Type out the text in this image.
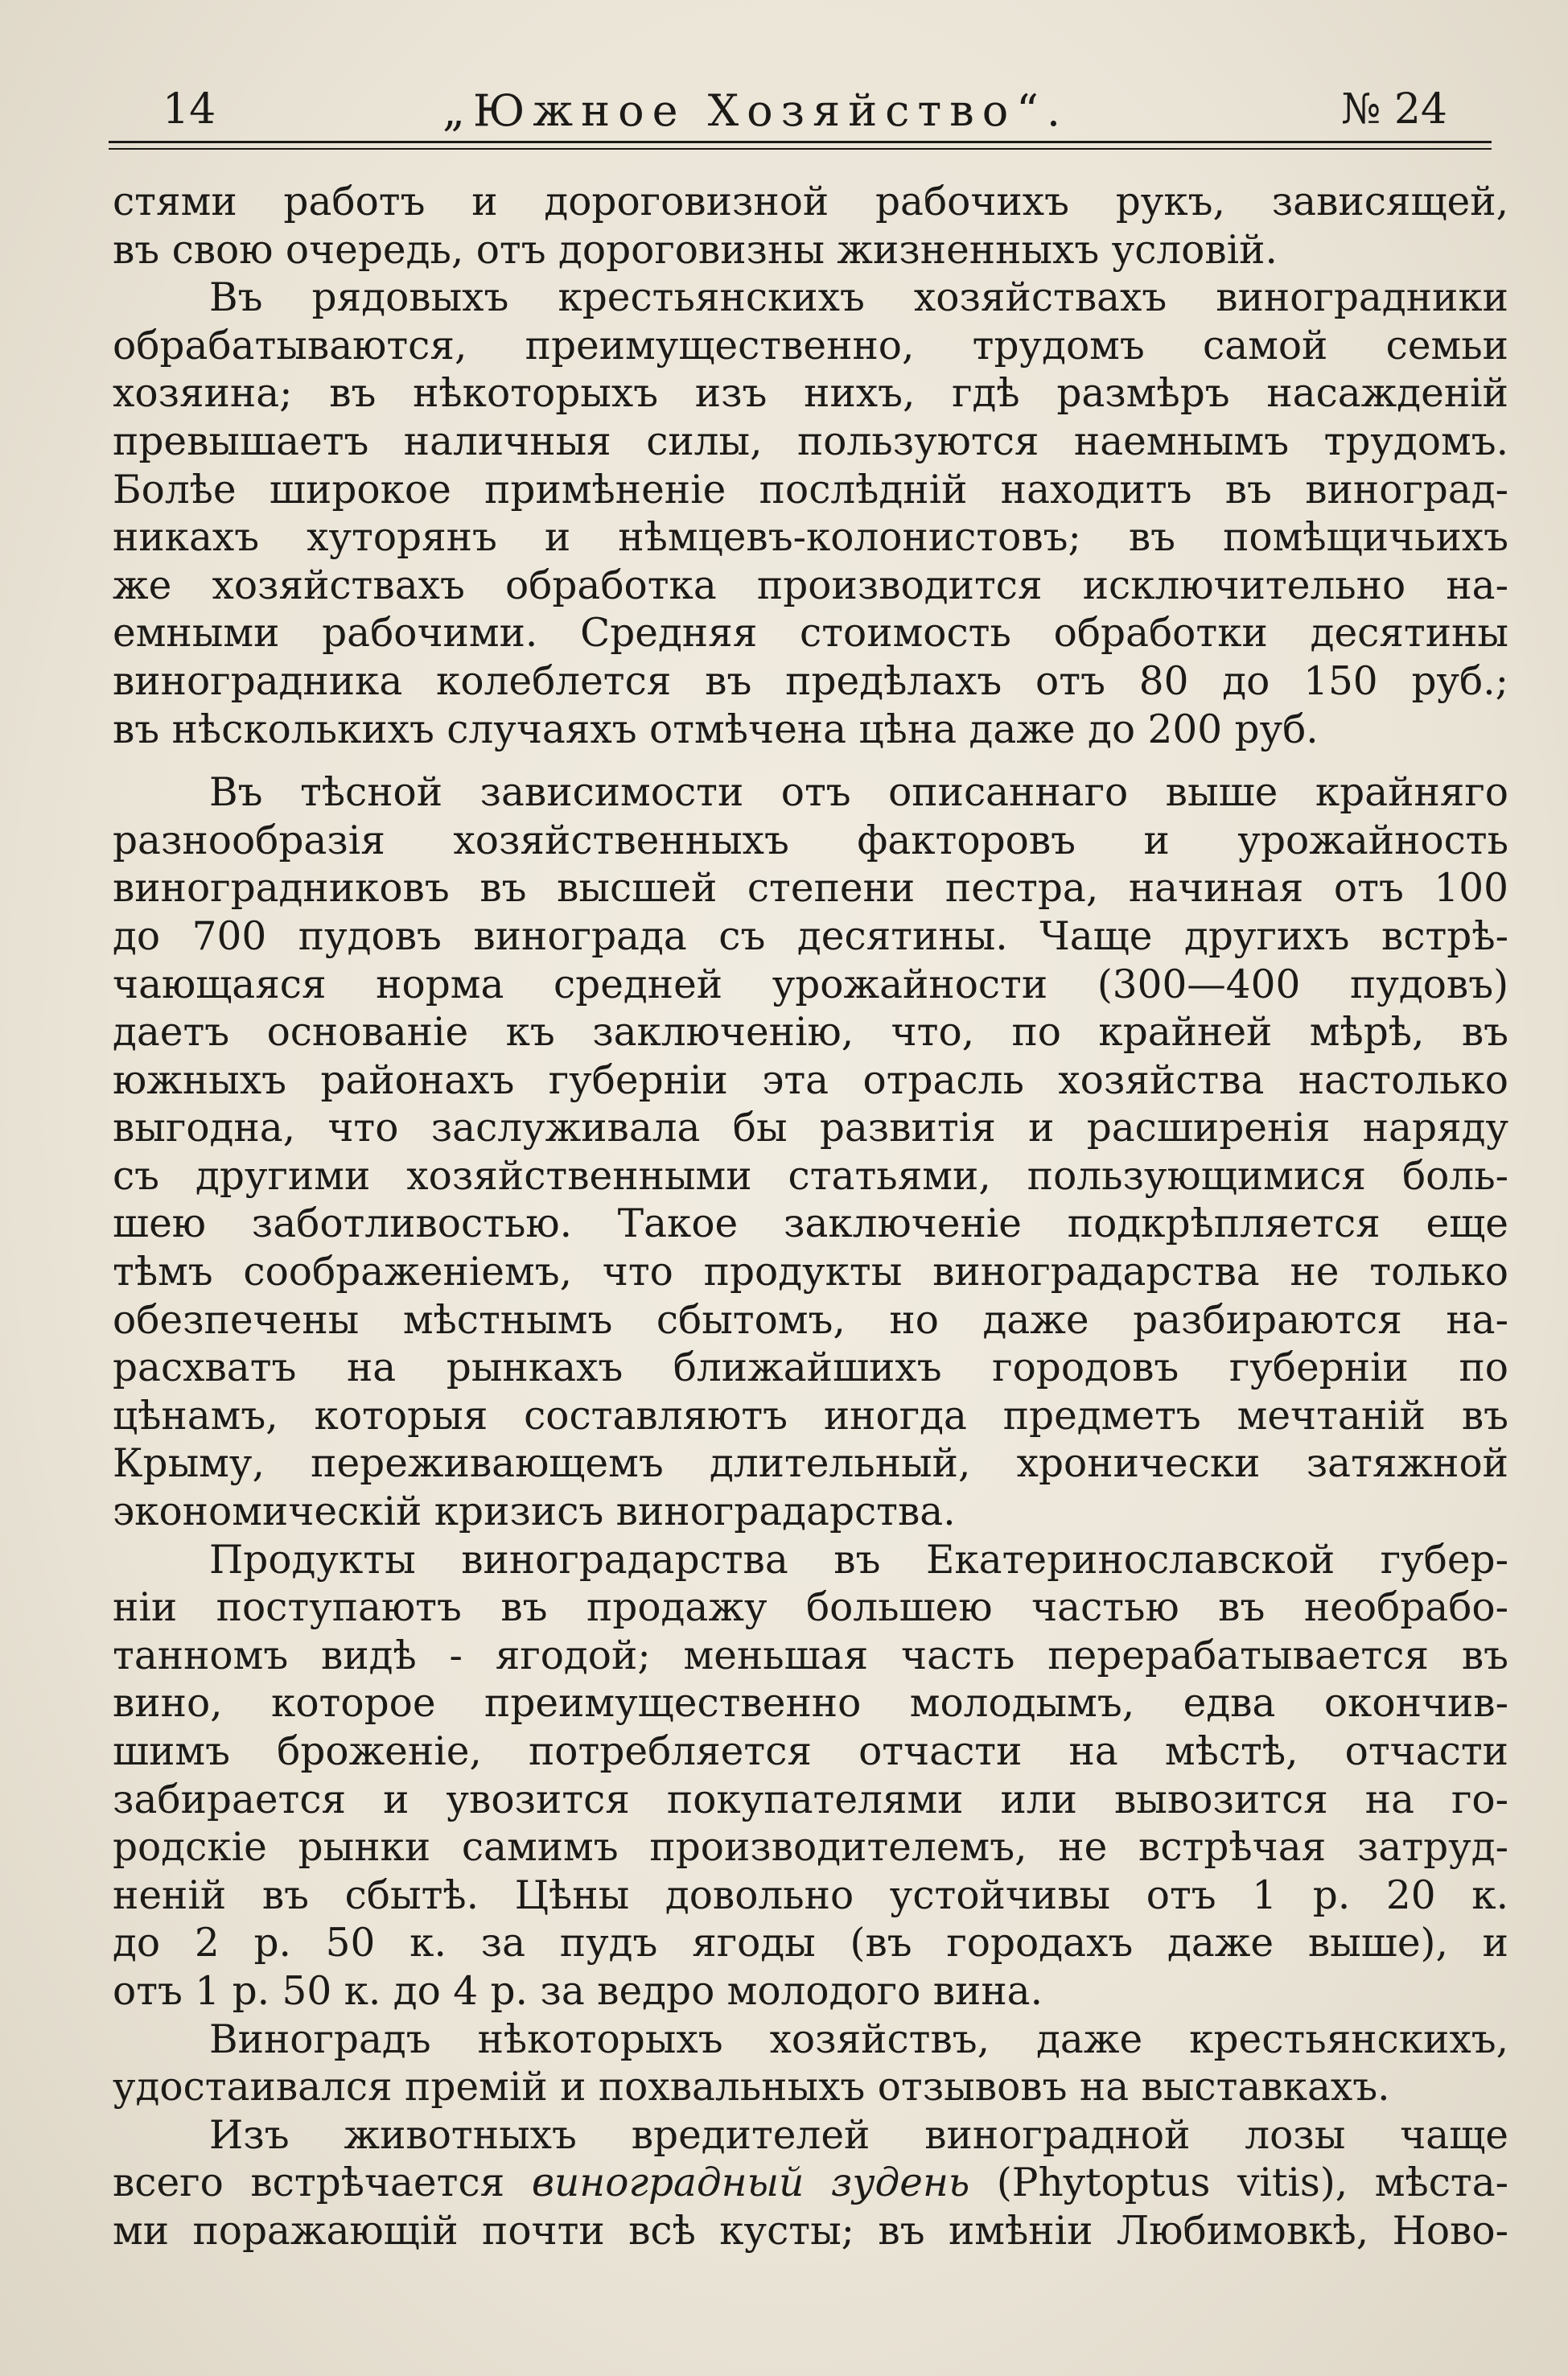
14	„Южное Хозяйство“.	№ 24

стями работъ и дороговизной рабочихъ рукъ, зависящей,
въ свою очередь, отъ дороговизны жизненныхъ условій.

Въ рядовыхъ крестьянскихъ хозяйствахъ виноградники
обрабатываются, преимущественно, трудомъ самой семьи
хозяина; въ нѣкоторыхъ изъ нихъ, гдѣ размѣръ насажденій
превышаетъ наличныя силы, пользуются наемнымъ трудомъ.
Болѣе широкое примѣненіе послѣдній находитъ въ виноград-
никахъ хуторянъ и нѣмцевъ-колонистовъ; въ помѣщичьихъ
же хозяйствахъ обработка производится исключительно на-
емными рабочими. Средняя стоимость обработки десятины
виноградника колеблется въ предѣлахъ отъ 80 до 150 руб.;
въ нѣсколькихъ случаяхъ отмѣчена цѣна даже до 200 руб.

Въ тѣсной зависимости отъ описаннаго выше крайняго
разнообразія хозяйственныхъ факторовъ и урожайность
виноградниковъ въ высшей степени пестра, начиная отъ 100
до 700 пудовъ винограда съ десятины. Чаще другихъ встрѣ-
чающаяся норма средней урожайности (300—400 пудовъ)
даетъ основаніе къ заключенію, что, по крайней мѣрѣ, въ
южныхъ районахъ губерніи эта отрасль хозяйства настолько
выгодна, что заслуживала бы развитія и расширенія наряду
съ другими хозяйственными статьями, пользующимися боль-
шею заботливостью. Такое заключеніе подкрѣпляется еще
тѣмъ соображеніемъ, что продукты виноградарства не только
обезпечены мѣстнымъ сбытомъ, но даже разбираются на-
расхватъ на рынкахъ ближайшихъ городовъ губерніи по
цѣнамъ, которыя составляютъ иногда предметъ мечтаній въ
Крыму, переживающемъ длительный, хронически затяжной
экономическій кризисъ виноградарства.

Продукты виноградарства въ Екатеринославской губер-
ніи поступаютъ въ продажу большею частью въ необрабо-
танномъ видѣ - ягодой; меньшая часть перерабатывается въ
вино, которое преимущественно молодымъ, едва окончив-
шимъ броженіе, потребляется отчасти на мѣстѣ, отчасти
забирается и увозится покупателями или вывозится на го-
родскіе рынки самимъ производителемъ, не встрѣчая затруд-
неній въ сбытѣ. Цѣны довольно устойчивы отъ 1 р. 20 к.
до 2 р. 50 к. за пудъ ягоды (въ городахъ даже выше), и
отъ 1 р. 50 к. до 4 р. за ведро молодого вина.

Виноградъ нѣкоторыхъ хозяйствъ, даже крестьянскихъ,
удостаивался премій и похвальныхъ отзывовъ на выставкахъ.

Изъ животныхъ вредителей виноградной лозы чаще
всего встрѣчается виноградный зудень (Phytoptus vitis), мѣста-
ми поражающій почти всѣ кусты; въ имѣніи Любимовкѣ, Ново-
